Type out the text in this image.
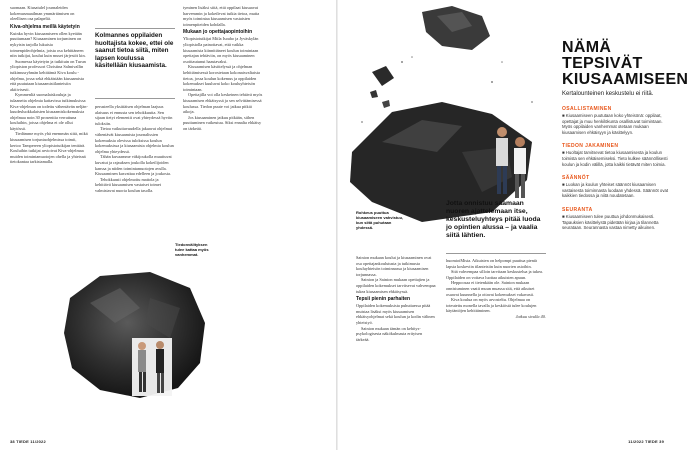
suomaan. Kiusatulel journaleiden kokemusmaailman ymmärtämisen on oleellisen osa palapeliä.

Kiva-ohjelma meillä käytetyin

Kuinka hyvin kiusaamiseen ollen kyetään puuttumaan? Kiusaaminen torjuminen on nykyisin tarjolla lukuisia toimenpideohjelmia, joista osa kehittäneen niin tutkijat, koulut kuin muset järjestöt kin.

Suomessa käytetyin ja tutkituin on Turun yliopiston professori Christina Salmivallin tutkimusryhmän kehittämä Kiva koulu -ohjelma, jossa sekä ehkäistään kiusaamista että puututaan kiusaamistilanteisiin aktiivisesti.

Kymmenliä suomalaiskouluja ja tulaaneita ohjelmia kattavissa tutkimuksissa Kiva-ohjelman on todettu vähentävän neljän-kuudesluokkalaisten kiusaamiskokemuksia ohjelmaa noin 30 prosenttia verrattuna kouluihin, joissa ohjelma ei ole ollut käytössä.

Tiedämme myös yhä enemmän siitä, mikä kiusaamisen torjuntaohjelmissa toimii, kertoo Tampereen yliopistotutkijan tenttärä. Kouluihin tutkijat arvioivat Kiva-ohjelmaa muiden toimintamuotojen ohella ja yhteisnä tietokantaa tarkistamalla.

Kolmannes oppilaiden huoltajista kokee, ettei ole saanut tietoa siitä, miten lapsen koulussa käsitellään kiusaamista.

perusteella yksittäisen ohjelman laajuus alaisuus ei ennusta sen tehokkuutta. Sen sijaan tietyt elementit ovat yhteydessä hyviin tuloksiin.

Tietoa vaikuttavuudella jakaavat ohjelmat vähentävät kiusaamista journalissien kokemuksia olevissa tuloksissa koulun kokemuksissa ja kiusaamista ohjelmia koulun ohjelma yhteydessä.

Tähän kuvaamme väkijoukolla muuttuvat kuvatut ja rajauksen joukolla kokeilijoiden kanssa ja niiden toimintamuotojen avulla. Kiusaaminen kasvattaa edelleen ja joukosta.

Tehokkaasti ohjelmoitu mattola ja kehittävä kiusaamisen vastaiset toimet valmistavat nuoria koulun tasolla.

tyminen lisäksi siitä, että oppilaat kiusaavat harvemmin ja kokeilevat tutkia tietoa, mutta myös toimintaa kiusaamisen vastaisten toimenpiteiden kohdalla.

Mukaan jo opettajaopintoihin

Yliopistotutkijat Miila Isoaho ja Jyväskylän yliopistolla painottavat, että vaikka kiusaamista kiinnittäneet koulun toimintaan opettajan tehtäviin, on myös kiusaaminen osoittautunut haastavaksi.

Kiusaamisen käsittelyssä ja ohjelman kehittämisessä korostetaan kokonaisvaltaista tietoa, jossa koulun kokemus ja oppilaiden kokemukset kuuluvat koko kouluyhteisön toimintaan.

Opettajilla voi olla keskeinen tehtävä myös kiusaamisen ehkäisyssä ja sen selvittämisessä koulussa. Tiedon puute voi jatkua pitkiä aikoja.

Jos kiusaaminen jatkuu pitkään, siihen puuttuminen vaikeutuu. Siksi ennalta ehkäisy on tärkeää.

Tiedonvälityksen tulee kattaa myös vanhemmat.
38 TIEDE 11/2022
Rohkeus puuttua kiusaamiseen vahvistuu, kun siitä puhutaan yhdessä.

Sainion mukaan koulut ja kiusaaminen ovat osa opettajankoulutusta ja tutkimusta kouluyhteisön toiminnassa ja kiusaamisen torjunnassa.

Sainion ja Sainion mukaan opettajien ja oppilaiden kokemukset tarvitsevat vahvempaa tukea kiusaamisen ehkäisyssä.

Tepsii pienin parhaiten

Oppilaiden kokemuksista puhuttaessa pitää muistaa lisäksi myös kiusaamisen ehkäisyohjelmat sekä koulun ja kodin välinen yhteistyö.

Sainion mukaan tämän on kehitys-psykologisesta näkökulmasta erityisen tärkeää.

Jotta onnistuu saamaan nuoren ajattelemaan itse, keskusteluyhteys pitää luoda jo opintien alussa – ja vaalia siitä lähtien.

huomioiMista. Aikuisten on helpompi puuttua pienià lapsia koskeviin tilanteisiin kuin nuorten asioihin.

Sitä vahvempaa silloin tarvitaan keskustelua ja tukea. Oppilaiden on voitava luottaa aikuisten apuun.

Heppoosaa ei tietenkään ole. Sainion mukaan onnistuminen vaatii muun muassa sitä, että aikuiset osaavat kuunnella ja ottavat kokemukset vakavasti.

Kiva koulua on myös arvosteltu. Ohjelmaa on toteutettu monella tavalla ja keskiöstä tulee koulujen käytäntöjen kehittäminen.

Jatkuu sivulla 40.

NÄMÄ TEPSIVÄT KIUSAAMISEEN
Kertalounteinen keskustelu ei riitä.
OSALLISTAMINEN
■ Kiusaamiseen puututaan koko yhteisönä: oppilaat, opettajat ja muu henkilökunta osallistuvat toimintaan. Myös oppilaiden vanhemmat otetaan mukaan kiusaamisen ehkäisyyn ja käsittelyyn.
TIEDON JAKAMINEN
■ Huoltajat tarvitsevat tietoa kiusaamisesta ja koulun toimista sen ehkäisemiseksi. Tieto kulkee säännöllisesti koulun ja kodin välillä, jotta kaikki tietävät miten toimia.
SÄÄNNÖT
■ Luokan ja koulun yhteiset säännöt kiusaamisen vastaisesta toiminnasta luodaan yhdessä. Säännöt ovat kaikkien tiedossa ja niitä noudatetaan.
SEURANTA
■ Kiusaamiseen tulee puuttua johdonmukaisesti. Tapauksien käsittelystä pidetään kirjaa ja tilannetta seurataan. Seurannasta vastaa nimetty aikuinen.
11/2022 TIEDE 39
